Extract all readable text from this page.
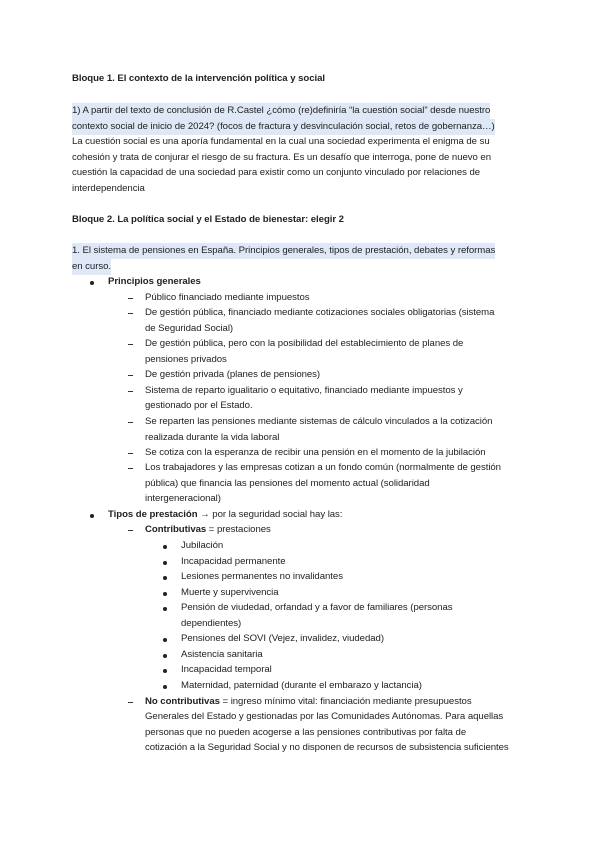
Bloque 1. El contexto de la intervención política y social
1) A partir del texto de conclusión de R.Castel ¿cómo (re)definiría “la cuestión social” desde nuestro
contexto social de inicio de 2024? (focos de fractura y desvinculación social, retos de gobernanza…)
La cuestión social es una aporía fundamental en la cual una sociedad experimenta el enigma de su
cohesión y trata de conjurar el riesgo de su fractura. Es un desafío que interroga, pone de nuevo en
cuestión la capacidad de una sociedad para existir como un conjunto vinculado por relaciones de
interdependencia
Bloque 2. La política social y el Estado de bienestar: elegir 2
1. El sistema de pensiones en España. Principios generales, tipos de prestación, debates y reformas
en curso.
Principios generales
Público financiado mediante impuestos
De gestión pública, financiado mediante cotizaciones sociales obligatorias (sistema
de Seguridad Social)
De gestión pública, pero con la posibilidad del establecimiento de planes de
pensiones privados
De gestión privada (planes de pensiones)
Sistema de reparto igualitario o equitativo, financiado mediante impuestos y
gestionado por el Estado.
Se reparten las pensiones mediante sistemas de cálculo vinculados a la cotización
realizada durante la vida laboral
Se cotiza con la esperanza de recibir una pensión en el momento de la jubilación
Los trabajadores y las empresas cotizan a un fondo común (normalmente de gestión
pública) que financia las pensiones del momento actual (solidaridad
intergeneracional)
Tipos de prestación → por la seguridad social hay las:
Contributivas = prestaciones
Jubilación
Incapacidad permanente
Lesiones permanentes no invalidantes
Muerte y supervivencia
Pensión de viudedad, orfandad y a favor de familiares (personas
dependientes)
Pensiones del SOVI (Vejez, invalidez, viudedad)
Asistencia sanitaria
Incapacidad temporal
Maternidad, paternidad (durante el embarazo y lactancia)
No contributivas = ingreso mínimo vital: financiación mediante presupuestos
Generales del Estado y gestionadas por las Comunidades Autónomas. Para aquellas
personas que no pueden acogerse a las pensiones contributivas por falta de
cotización a la Seguridad Social y no disponen de recursos de subsistencia suficientes
